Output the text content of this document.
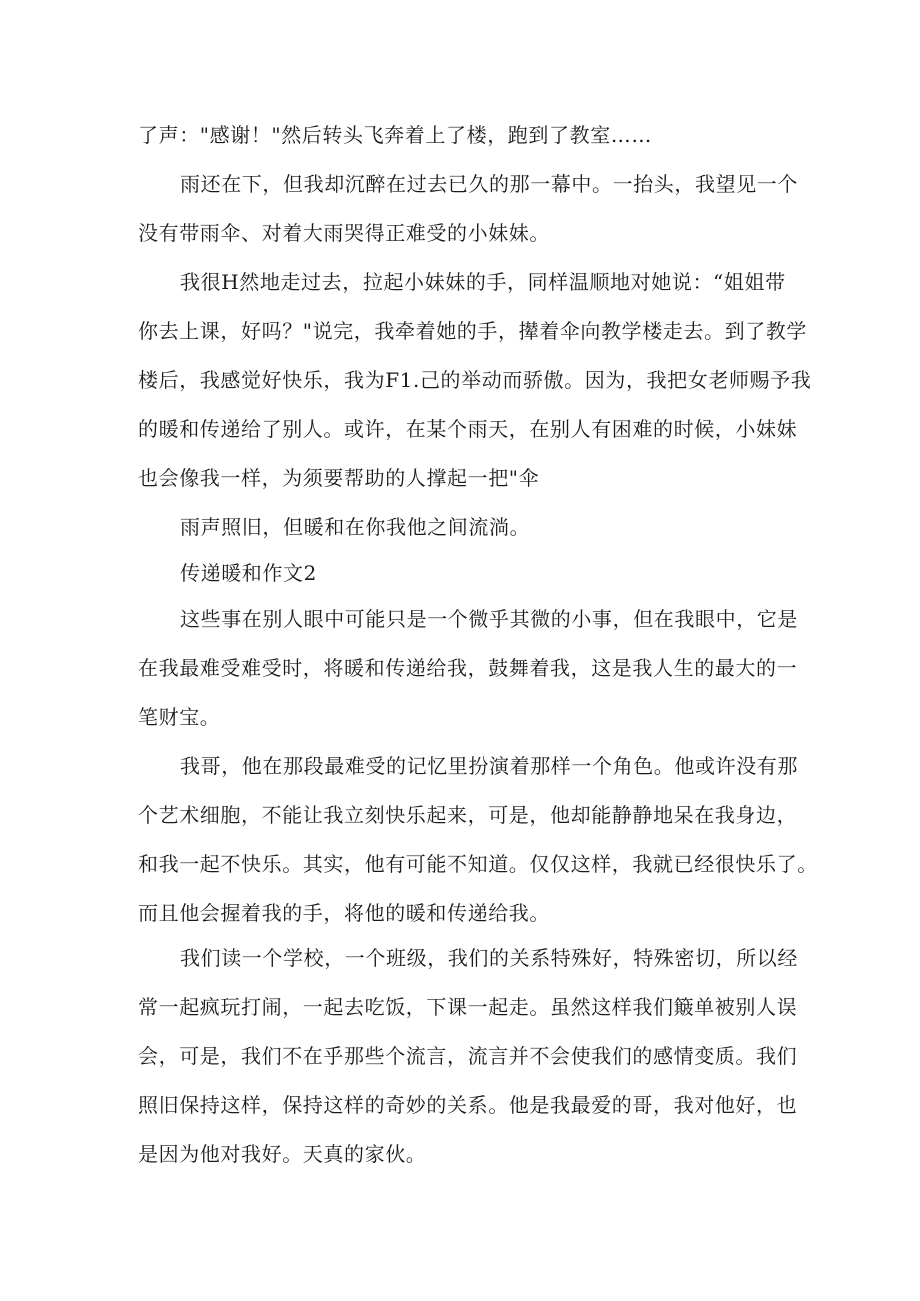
了声："感谢！"然后转头飞奔着上了楼，跑到了教室……
雨还在下，但我却沉醉在过去已久的那一幕中。一抬头，我望见一个
没有带雨伞、对着大雨哭得正难受的小妹妹。
我很H然地走过去，拉起小妹妹的手，同样温顺地对她说：“姐姐带
你去上课，好吗？"说完，我牵着她的手，撵着伞向教学楼走去。到了教学
楼后，我感觉好快乐，我为F1.己的举动而骄傲。因为，我把女老师赐予我
的暖和传递给了别人。或许，在某个雨天，在别人有困难的时候，小妹妹
也会像我一样，为须要帮助的人撑起一把"伞
雨声照旧，但暖和在你我他之间流淌。
传递暖和作文2
这些事在别人眼中可能只是一个微乎其微的小事，但在我眼中，它是
在我最难受难受时，将暖和传递给我，鼓舞着我，这是我人生的最大的一
笔财宝。
我哥，他在那段最难受的记忆里扮演着那样一个角色。他或许没有那
个艺术细胞，不能让我立刻快乐起来，可是，他却能静静地呆在我身边，
和我一起不快乐。其实，他有可能不知道。仅仅这样，我就已经很快乐了。
而且他会握着我的手，将他的暖和传递给我。
我们读一个学校，一个班级，我们的关系特殊好，特殊密切，所以经
常一起疯玩打闹，一起去吃饭，下课一起走。虽然这样我们簸单被别人误
会，可是，我们不在乎那些个流言，流言并不会使我们的感情变质。我们
照旧保持这样，保持这样的奇妙的关系。他是我最爱的哥，我对他好，也
是因为他对我好。天真的家伙。
